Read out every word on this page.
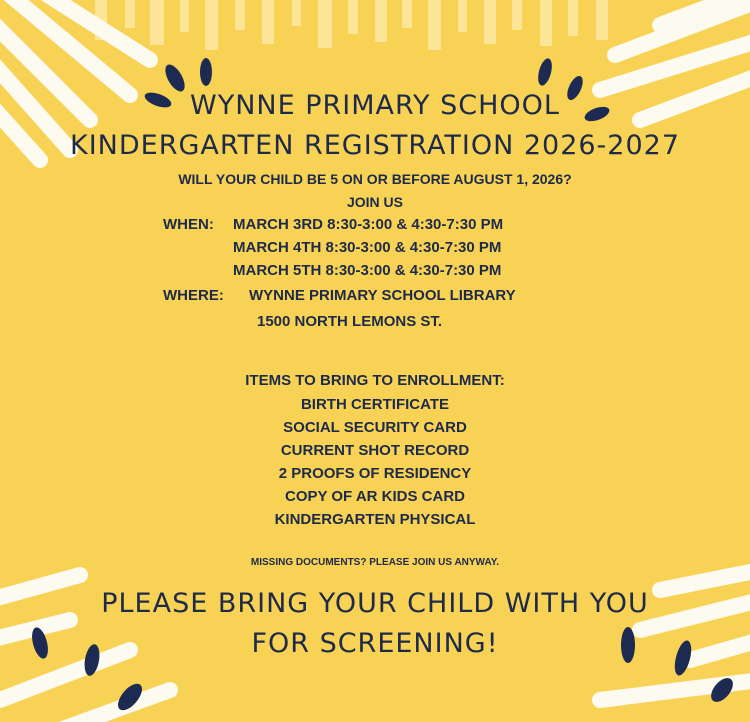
WYNNE PRIMARY SCHOOL
KINDERGARTEN REGISTRATION 2026-2027
WILL YOUR CHILD BE 5 ON OR BEFORE AUGUST 1, 2026?
JOIN US
WHEN: MARCH 3RD 8:30-3:00 & 4:30-7:30 PM
MARCH 4TH 8:30-3:00 & 4:30-7:30 PM
MARCH 5TH 8:30-3:00 & 4:30-7:30 PM
WHERE: WYNNE PRIMARY SCHOOL LIBRARY
1500 NORTH LEMONS ST.
ITEMS TO BRING TO ENROLLMENT:
BIRTH CERTIFICATE
SOCIAL SECURITY CARD
CURRENT SHOT RECORD
2 PROOFS OF RESIDENCY
COPY OF AR KIDS CARD
KINDERGARTEN PHYSICAL
MISSING DOCUMENTS? PLEASE JOIN US ANYWAY.
PLEASE BRING YOUR CHILD WITH YOU
FOR SCREENING!
